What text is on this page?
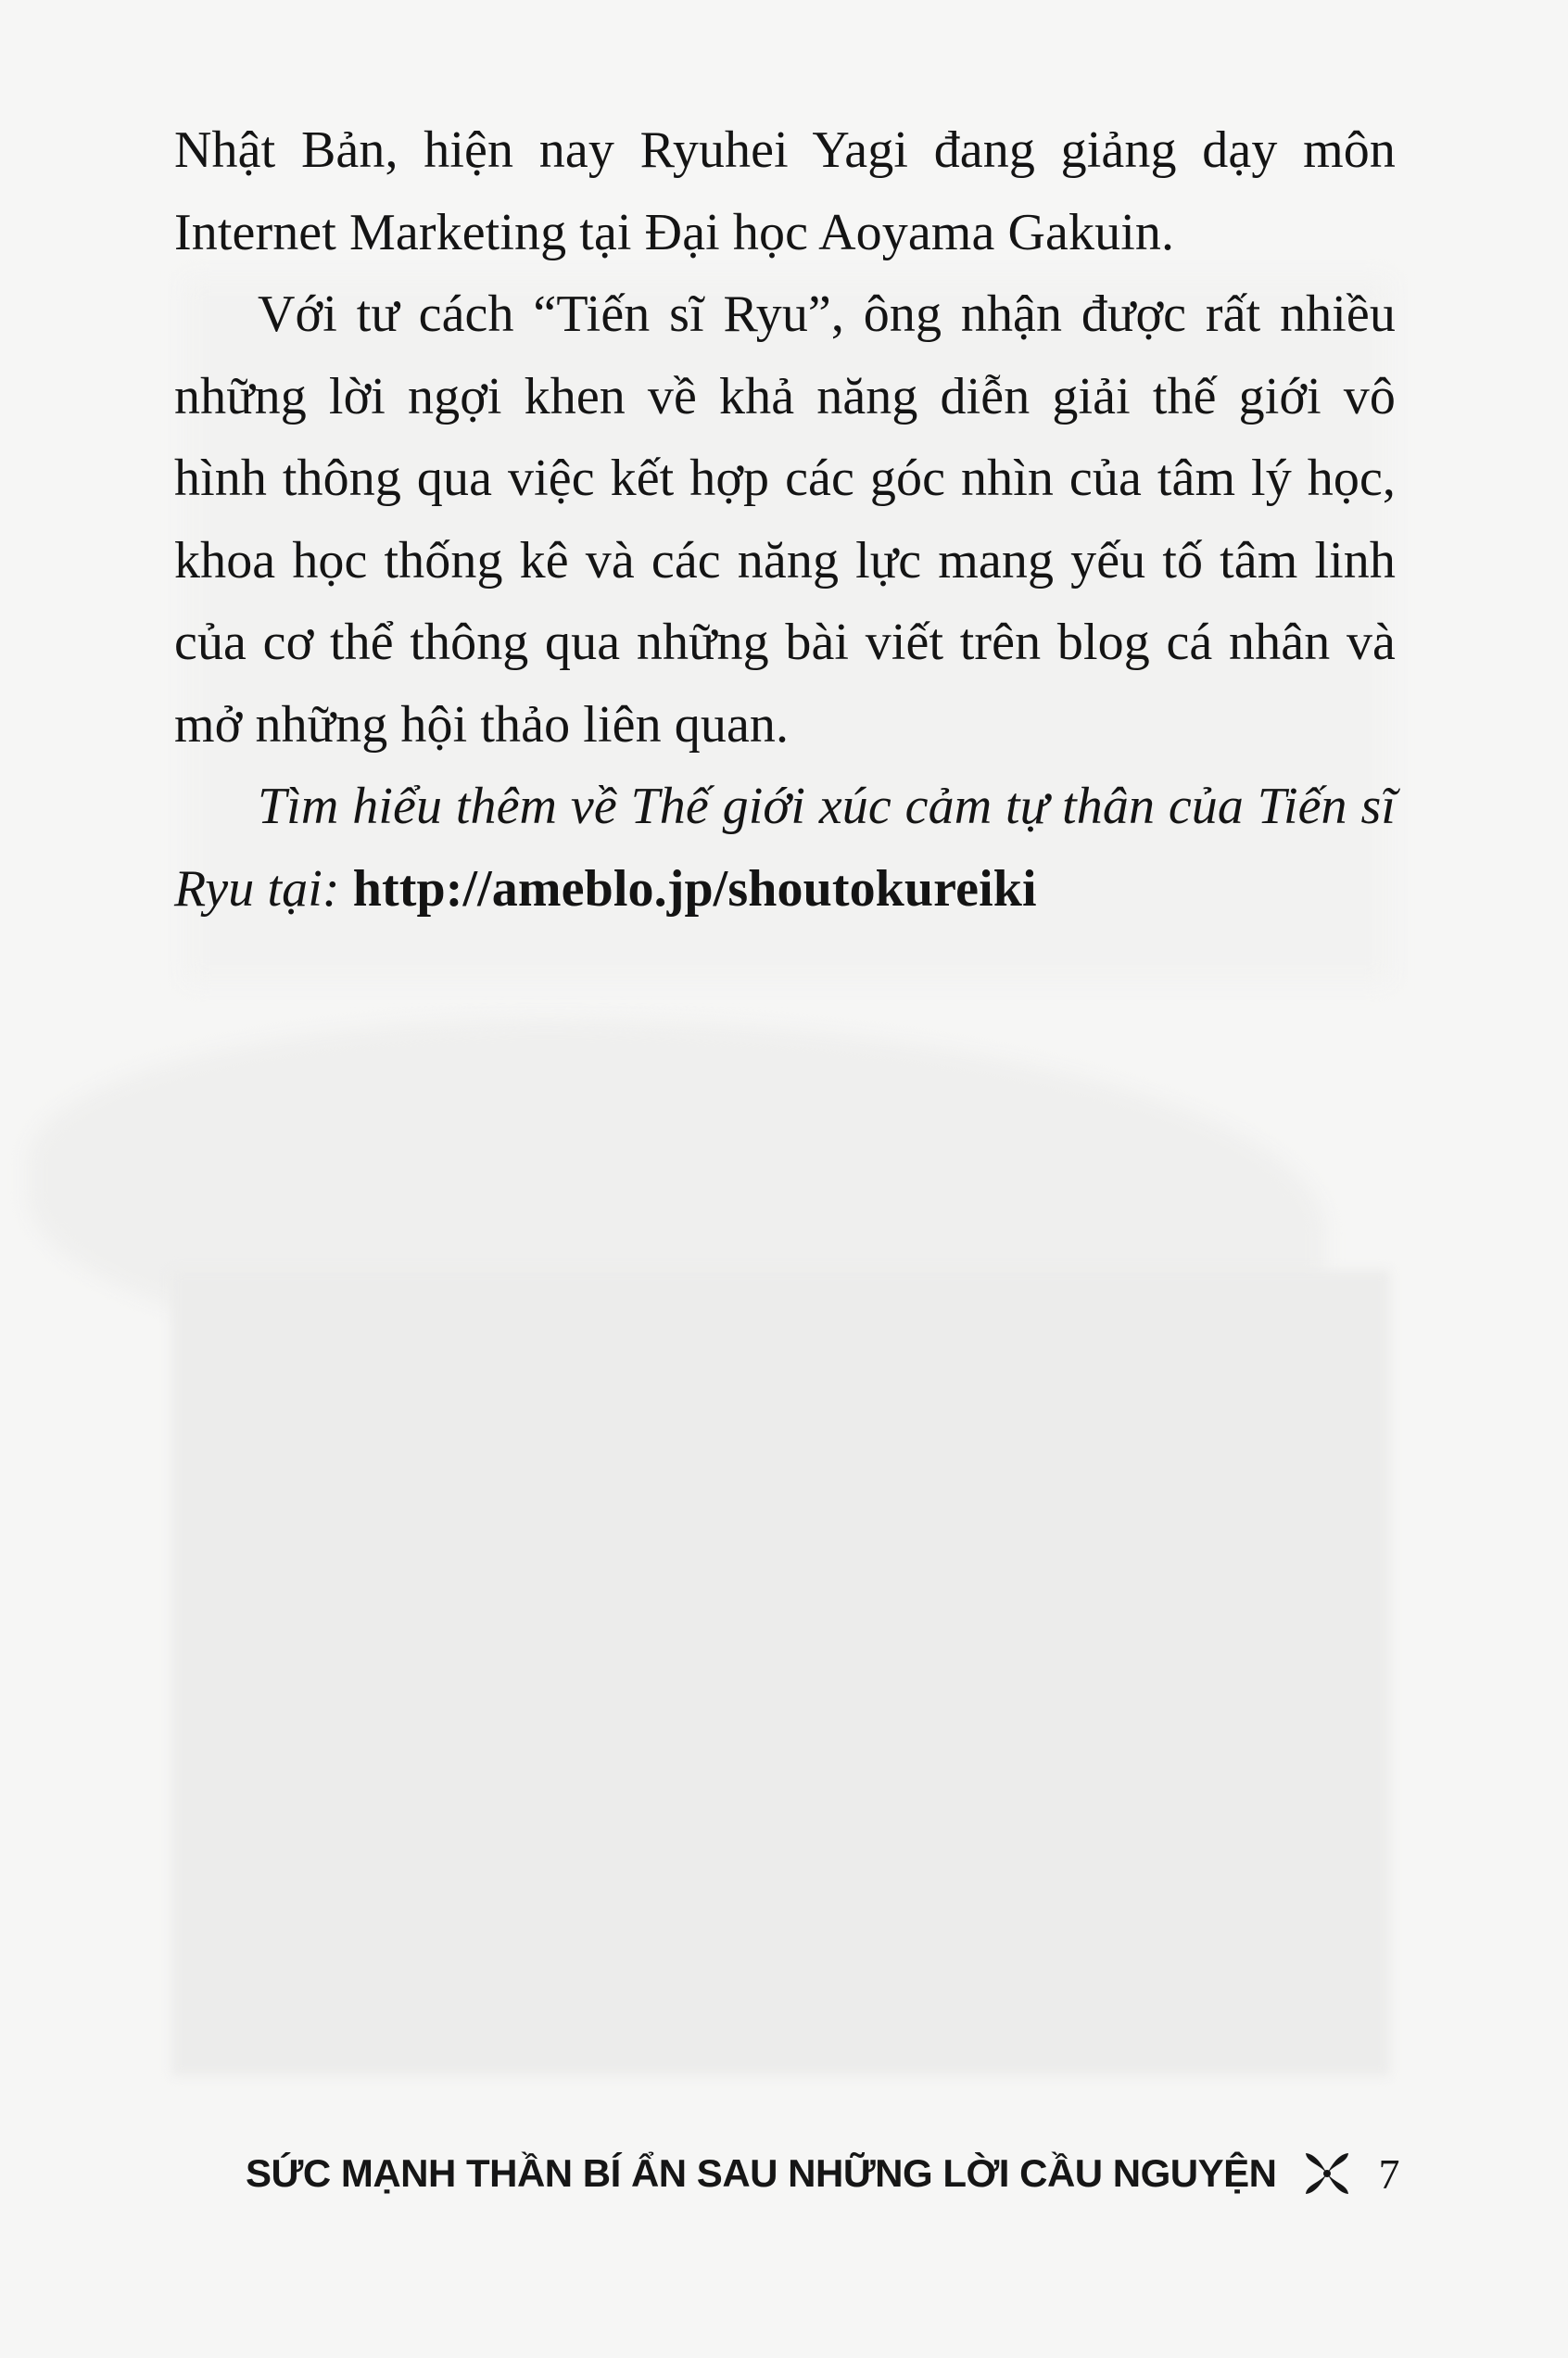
Nhật Bản, hiện nay Ryuhei Yagi đang giảng dạy môn Internet Marketing tại Đại học Aoyama Gakuin.

Với tư cách “Tiến sĩ Ryu”, ông nhận được rất nhiều những lời ngợi khen về khả năng diễn giải thế giới vô hình thông qua việc kết hợp các góc nhìn của tâm lý học, khoa học thống kê và các năng lực mang yếu tố tâm linh của cơ thể thông qua những bài viết trên blog cá nhân và mở những hội thảo liên quan.

Tìm hiểu thêm về Thế giới xúc cảm tự thân của Tiến sĩ Ryu tại: http://ameblo.jp/shoutokureiki

SỨC MẠNH THẦN BÍ ẨN SAU NHỮNG LỜI CẦU NGUYỆN 7
